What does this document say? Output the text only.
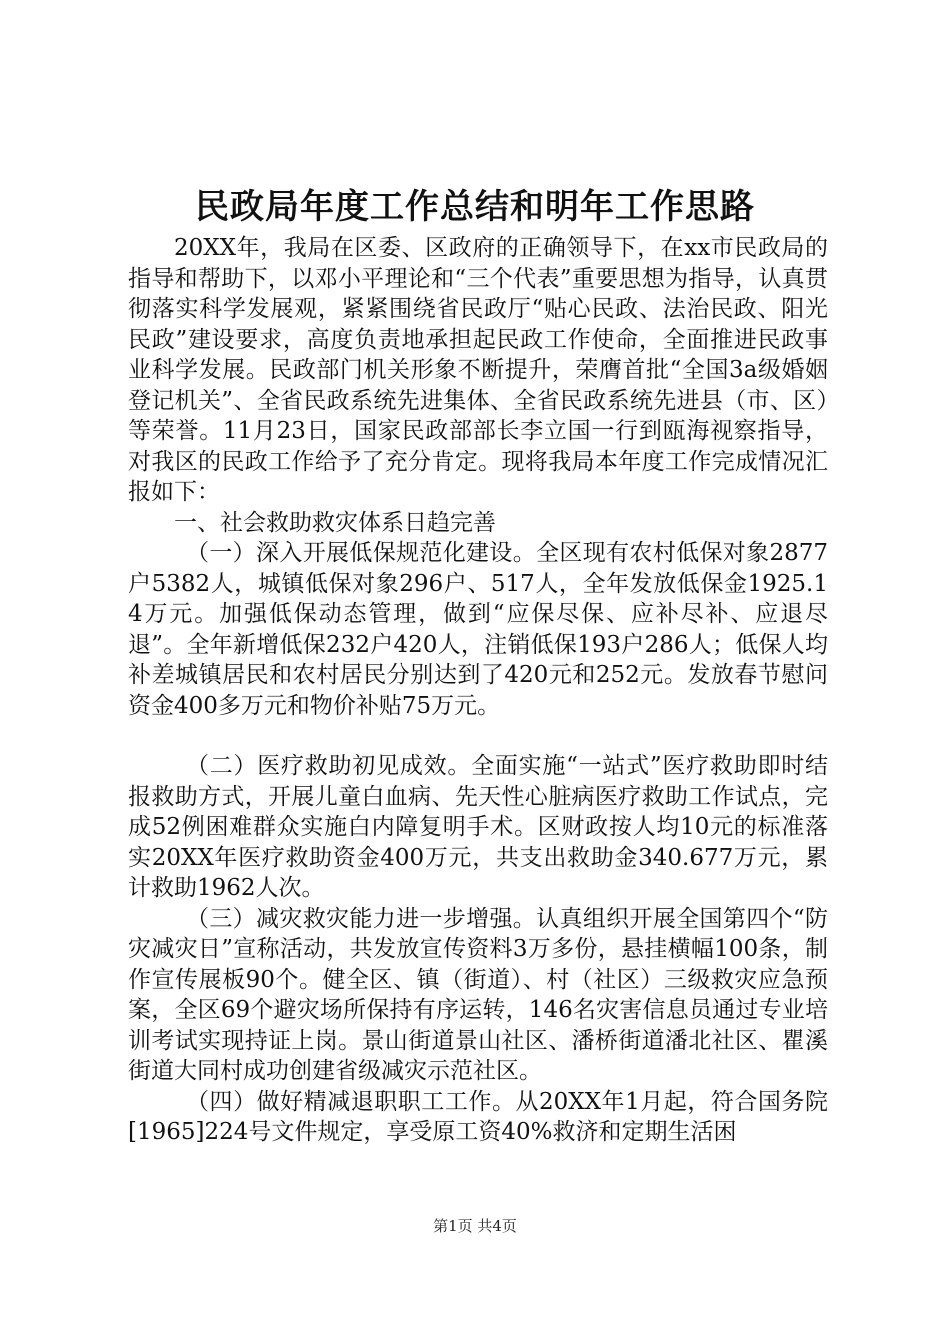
民政局年度工作总结和明年工作思路

20XX年，我局在区委、区政府的正确领导下，在xx市民政局的指导和帮助下，以邓小平理论和“三个代表”重要思想为指导，认真贯彻落实科学发展观，紧紧围绕省民政厅“贴心民政、法治民政、阳光民政”建设要求，高度负责地承担起民政工作使命，全面推进民政事业科学发展。民政部门机关形象不断提升，荣膺首批“全国3a级婚姻登记机关”、全省民政系统先进集体、全省民政系统先进县（市、区）等荣誉。11月23日，国家民政部部长李立国一行到瓯海视察指导，对我区的民政工作给予了充分肯定。现将我局本年度工作完成情况汇报如下：

一、社会救助救灾体系日趋完善

（一）深入开展低保规范化建设。全区现有农村低保对象2877户5382人，城镇低保对象296户、517人，全年发放低保金1925.14万元。加强低保动态管理，做到“应保尽保、应补尽补、应退尽退”。全年新增低保232户420人，注销低保193户286人；低保人均补差城镇居民和农村居民分别达到了420元和252元。发放春节慰问资金400多万元和物价补贴75万元。

（二）医疗救助初见成效。全面实施“一站式”医疗救助即时结报救助方式，开展儿童白血病、先天性心脏病医疗救助工作试点，完成52例困难群众实施白内障复明手术。区财政按人均10元的标准落实20XX年医疗救助资金400万元，共支出救助金340.677万元，累计救助1962人次。

（三）减灾救灾能力进一步增强。认真组织开展全国第四个“防灾减灾日”宣称活动，共发放宣传资料3万多份，悬挂横幅100条，制作宣传展板90个。健全区、镇（街道）、村（社区）三级救灾应急预案，全区69个避灾场所保持有序运转，146名灾害信息员通过专业培训考试实现持证上岗。景山街道景山社区、潘桥街道潘北社区、瞿溪街道大同村成功创建省级减灾示范社区。

（四）做好精减退职职工工作。从20XX年1月起，符合国务院[1965]224号文件规定，享受原工资40%救济和定期生活困

第1页 共4页
